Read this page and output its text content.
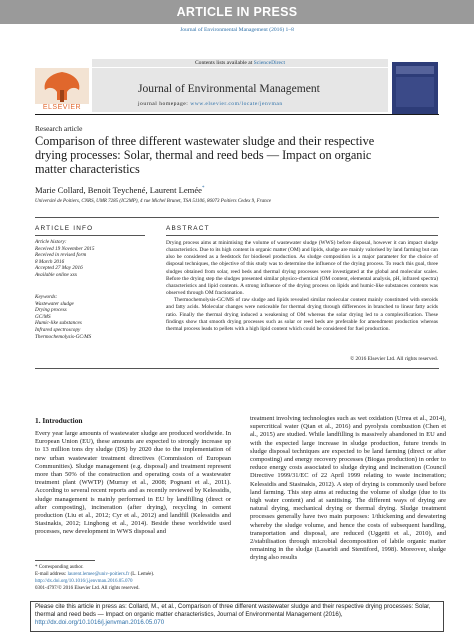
ARTICLE IN PRESS
Journal of Environmental Management (2016) 1–8
ELSEVIER
Contents lists available at ScienceDirect
Journal of Environmental Management
journal homepage: www.elsevier.com/locate/jenvman
Research article
Comparison of three different wastewater sludge and their respective drying processes: Solar, thermal and reed beds — Impact on organic matter characteristics
Marie Collard, Benoit Teychené, Laurent Lemée*
Université de Poitiers, CNRS, UMR 7285 (IC2MP), 4 rue Michel Brunet, TSA 51106, 86073 Poitiers Cedex 9, France
ARTICLE INFO	ABSTRACT
Article history:
Received 19 November 2015
Received in revised form
8 March 2016
Accepted 27 May 2016
Available online xxx
Keywords:
Wastewater sludge
Drying process
GC/MS
Humic-like substances
Infrared spectroscopy
Thermochemolysis-GC/MS

Drying process aims at minimising the volume of wastewater sludge (WWS) before disposal, however it can impact sludge characteristics. Due to its high content in organic matter (OM) and lipids, sludge are mainly valorised by land farming but can also be considered as a feedstock for biodiesel production. As sludge composition is a major parameter for the choice of disposal techniques, the objective of this study was to determine the influence of the drying process. To reach this goal, three sludges obtained from solar, reed beds and thermal drying processes were investigated at the global and molecular scales. Before the drying step the sludges presented similar physico-chemical (OM content, elemental analysis, pH, infrared spectra) characteristics and lipid contents. A strong influence of the drying process on lipids and humic-like substances contents was observed through OM fractionation.

Thermochemolysis-GC/MS of raw sludge and lipids revealed similar molecular content mainly constituted with steroids and fatty acids. Molecular changes were noticeable for thermal drying through differences in branched to linear fatty acids ratio. Finally the thermal drying induced a weakening of OM whereas the solar drying led to a complexification. These findings show that smooth drying processes such as solar or reed beds are preferable for amendment production whereas thermal process leads to pellets with a high lipid content which could be considered for fuel production.

© 2016 Elsevier Ltd. All rights reserved.
1. Introduction
Every year large amounts of wastewater sludge are produced worldwide. In European Union (EU), these amounts are expected to strongly increase up to 13 million tons dry sludge (DS) by 2020 due to the implementation of new urban wastewater treatment directives (Commission of European Communities). Sludge management (e.g. disposal) and treatment represent more than 50% of the construction and operating costs of a wastewater treatment plant (WWTP) (Murray et al., 2008; Pognani et al., 2011). According to several recent reports and as recently reviewed by Kelessidis, sludge management is mainly performed in EU by landfilling (direct or after composting), incineration (after drying), recycling in cement production (Liu et al., 2012; Cyr et al., 2012) and landfill (Kelessidis and Stasinakis, 2012; Linghong et al., 2014). Beside these worldwide used processes, new development in WWS disposal and
treatment involving technologies such as wet oxidation (Urrea et al., 2014), supercritical water (Qian et al., 2016) and pyrolysis combustion (Chen et al., 2015) are studied. While landfilling is massively abandoned in EU and with the expected large increase in sludge production, future trends in sludge disposal techniques are expected to be land farming (direct or after composting) and energy recovery processes (Biogas production) in order to reduce energy costs associated to sludge drying and incineration (Council Directive 1999/31/EC of 22 April 1999 relating to waste incineration; Kelessidis and Stasinakis, 2012). A step of drying is commonly used before land farming. This step aims at reducing the volume of sludge (due to its high water content) and at sanitising. The different ways of drying are natural drying, mechanical drying or thermal drying. Sludge treatment processes generally have two main purposes: 1/thickening and dewatering whereby the sludge volume, and hence the costs of subsequent handling, transportation and disposal, are reduced (Uggetti et al., 2010), and 2/stabilisation through microbial decomposition of labile organic matter remaining in the sludge (Lasaridi and Stentiford, 1998). Moreover, sludge drying also results
* Corresponding author.
E-mail address: laurent.lemee@univ-poitiers.fr (L. Lemée).
http://dx.doi.org/10.1016/j.jenvman.2016.05.070
0301-4797/© 2016 Elsevier Ltd. All rights reserved.
Please cite this article in press as: Collard, M., et al., Comparison of three different wastewater sludge and their respective drying processes: Solar, thermal and reed beds — Impact on organic matter characteristics, Journal of Environmental Management (2016), http://dx.doi.org/10.1016/j.jenvman.2016.05.070
